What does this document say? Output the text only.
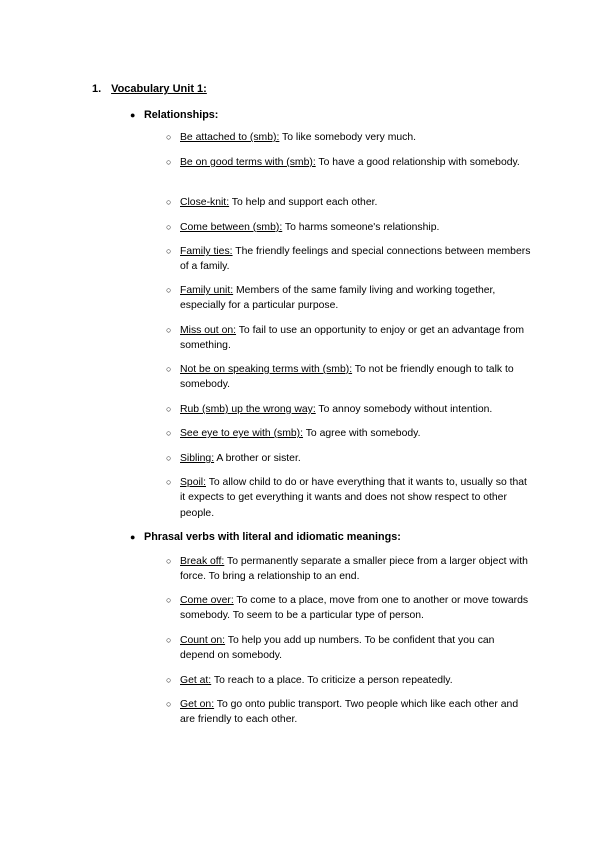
1. Vocabulary Unit 1:
● Relationships:
○ Be attached to (smb): To like somebody very much.
○ Be on good terms with (smb): To have a good relationship with somebody.
○ Close-knit: To help and support each other.
○ Come between (smb): To harms someone's relationship.
○ Family ties: The friendly feelings and special connections between members of a family.
○ Family unit: Members of the same family living and working together, especially for a particular purpose.
○ Miss out on: To fail to use an opportunity to enjoy or get an advantage from something.
○ Not be on speaking terms with (smb): To not be friendly enough to talk to somebody.
○ Rub (smb) up the wrong way: To annoy somebody without intention.
○ See eye to eye with (smb): To agree with somebody.
○ Sibling: A brother or sister.
○ Spoil: To allow child to do or have everything that it wants to, usually so that it expects to get everything it wants and does not show respect to other people.
● Phrasal verbs with literal and idiomatic meanings:
○ Break off: To permanently separate a smaller piece from a larger object with force. To bring a relationship to an end.
○ Come over: To come to a place, move from one to another or move towards somebody. To seem to be a particular type of person.
○ Count on: To help you add up numbers. To be confident that you can depend on somebody.
○ Get at: To reach to a place. To criticize a person repeatedly.
○ Get on: To go onto public transport. Two people which like each other and are friendly to each other.
